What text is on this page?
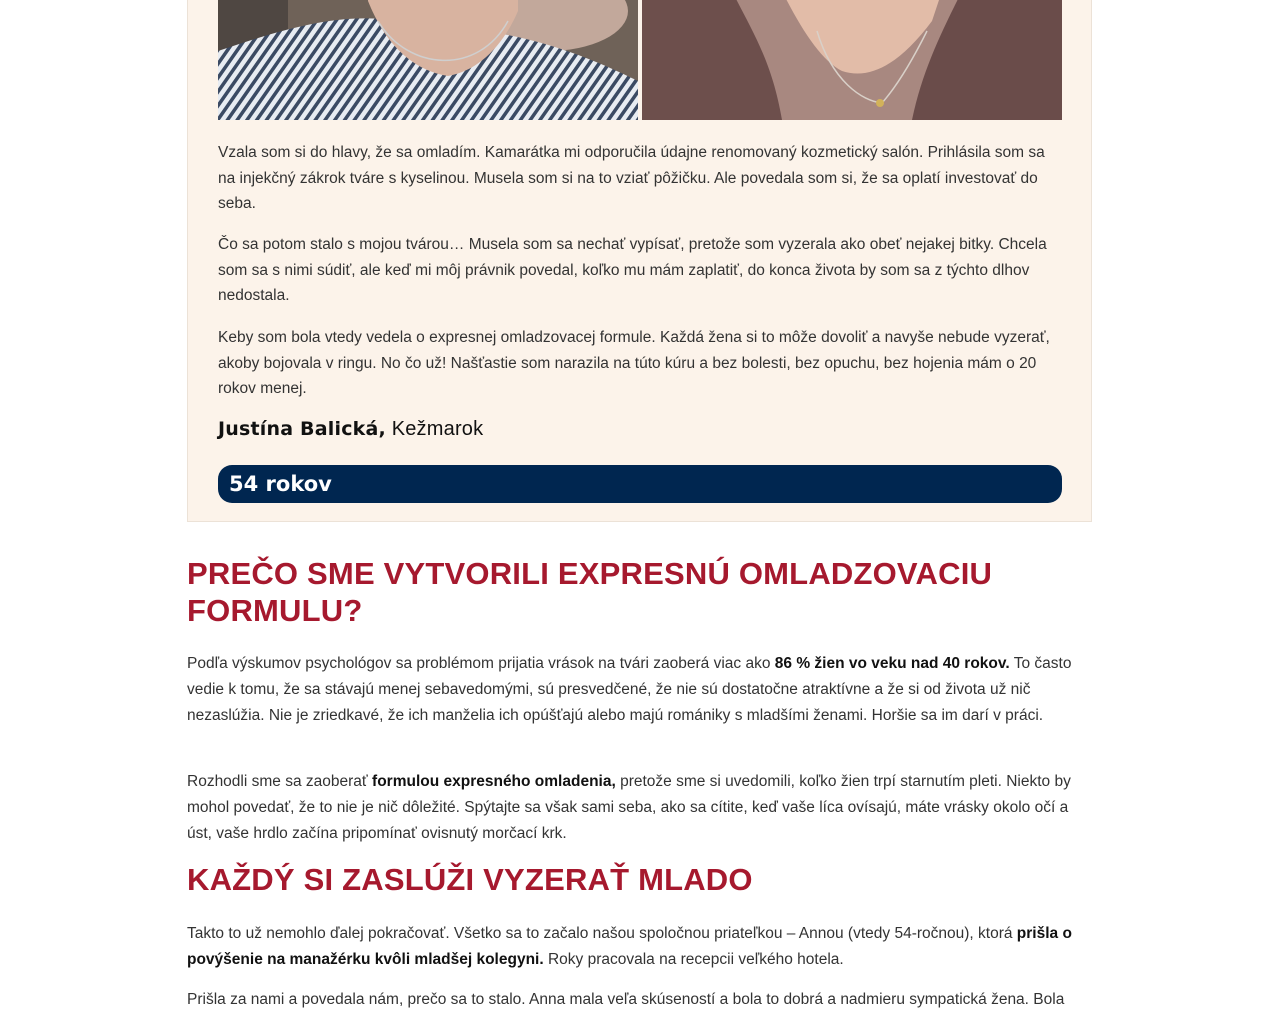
Vzala som si do hlavy, že sa omladím. Kamarátka mi odporučila údajne renomovaný kozmetický salón. Prihlásila som sa na injekčný zákrok tváre s kyselinou. Musela som si na to vziať pôžičku. Ale povedala som si, že sa oplatí investovať do seba.

Čo sa potom stalo s mojou tvárou… Musela som sa nechať vypísať, pretože som vyzerala ako obeť nejakej bitky. Chcela som sa s nimi súdiť, ale keď mi môj právnik povedal, koľko mu mám zaplatiť, do konca života by som sa z týchto dlhov nedostala.

Keby som bola vtedy vedela o expresnej omladzovacej formule. Každá žena si to môže dovoliť a navyše nebude vyzerať, akoby bojovala v ringu. No čo už! Našťastie som narazila na túto kúru a bez bolesti, bez opuchu, bez hojenia mám o 20 rokov menej.

Justína Balická, Kežmarok
54 rokov
PREČO SME VYTVORILI EXPRESNÚ OMLADZOVACIU FORMULU?

Podľa výskumov psychológov sa problémom prijatia vrások na tvári zaoberá viac ako 86 % žien vo veku nad 40 rokov. To často vedie k tomu, že sa stávajú menej sebavedomými, sú presvedčené, že nie sú dostatočne atraktívne a že si od života už nič nezaslúžia. Nie je zriedkavé, že ich manželia ich opúšťajú alebo majú romániky s mladšími ženami. Horšie sa im darí v práci.

Rozhodli sme sa zaoberať formulou expresného omladenia, pretože sme si uvedomili, koľko žien trpí starnutím pleti. Niekto by mohol povedať, že to nie je nič dôležité. Spýtajte sa však sami seba, ako sa cítite, keď vaše líca ovísajú, máte vrásky okolo očí a úst, vaše hrdlo začína pripomínať ovisnutý morčací krk.

KAŽDÝ SI ZASLÚŽI VYZERAŤ MLADO

Takto to už nemohlo ďalej pokračovať. Všetko sa to začalo našou spoločnou priateľkou – Annou (vtedy 54-ročnou), ktorá prišla o povýšenie na manažérku kvôli mladšej kolegyni. Roky pracovala na recepcii veľkého hotela.

Prišla za nami a povedala nám, prečo sa to stalo. Anna mala veľa skúseností a bola to dobrá a nadmieru sympatická žena. Bola
